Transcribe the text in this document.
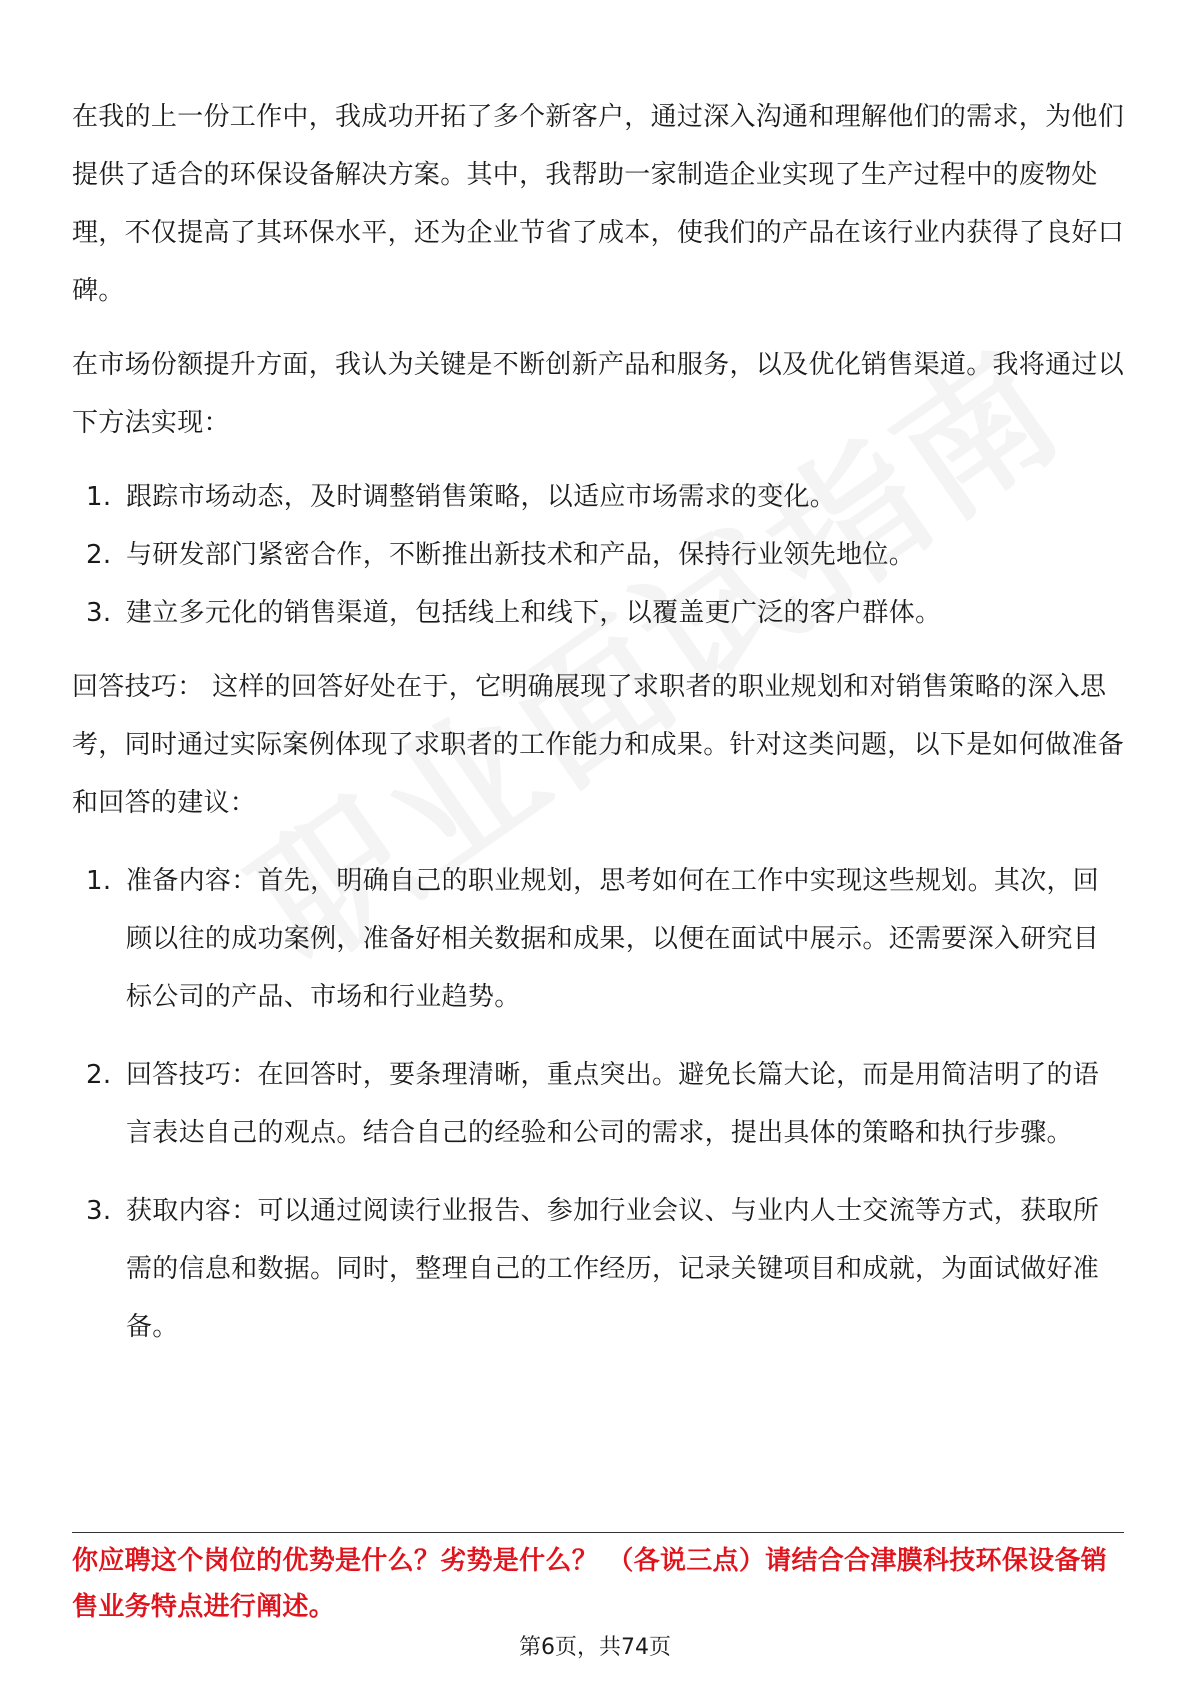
在我的上一份工作中，我成功开拓了多个新客户，通过深入沟通和理解他们的需求，为他们提供了适合的环保设备解决方案。其中，我帮助一家制造企业实现了生产过程中的废物处理，不仅提高了其环保水平，还为企业节省了成本，使我们的产品在该行业内获得了良好口碑。

在市场份额提升方面，我认为关键是不断创新产品和服务，以及优化销售渠道。我将通过以下方法实现：

1. 跟踪市场动态，及时调整销售策略，以适应市场需求的变化。
2. 与研发部门紧密合作，不断推出新技术和产品，保持行业领先地位。
3. 建立多元化的销售渠道，包括线上和线下，以覆盖更广泛的客户群体。

回答技巧： 这样的回答好处在于，它明确展现了求职者的职业规划和对销售策略的深入思考，同时通过实际案例体现了求职者的工作能力和成果。针对这类问题，以下是如何做准备和回答的建议：

1. 准备内容：首先，明确自己的职业规划，思考如何在工作中实现这些规划。其次，回顾以往的成功案例，准备好相关数据和成果，以便在面试中展示。还需要深入研究目标公司的产品、市场和行业趋势。
2. 回答技巧：在回答时，要条理清晰，重点突出。避免长篇大论，而是用简洁明了的语言表达自己的观点。结合自己的经验和公司的需求，提出具体的策略和执行步骤。
3. 获取内容：可以通过阅读行业报告、参加行业会议、与业内人士交流等方式，获取所需的信息和数据。同时，整理自己的工作经历，记录关键项目和成就，为面试做好准备。
你应聘这个岗位的优势是什么？劣势是什么？ （各说三点）请结合合津膜科技环保设备销售业务特点进行阐述。
第6页，共74页
